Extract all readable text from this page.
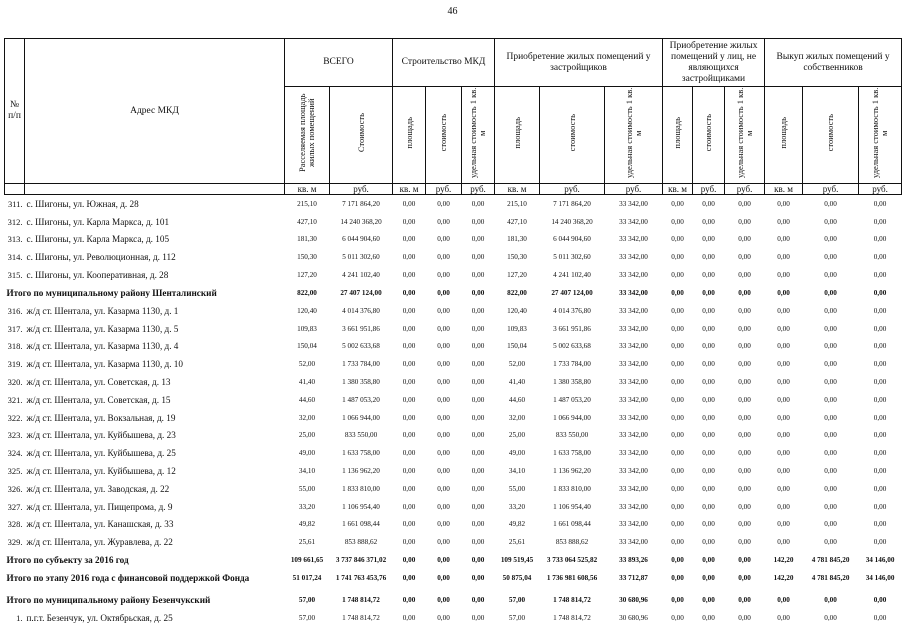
46
№ п/п	Адрес МКД	ВСЕГО		Строительство МКД			Приобретение жилых помещений у застройщиков			Приобретение жилых помещений у лиц, не являющихся застройщиками			Выкуп жилых помещений у собственников		
		Расселяемая площадь жилых помещений	Стоимость	площадь	стоимость	удельная стоимость 1 кв. м	площадь	стоимость	удельная стоимость 1 кв. м	площадь	стоимость	удельная стоимость 1 кв. м	площадь	стоимость	удельная стоимость 1 кв. м
		кв. м	руб.	кв. м	руб.	руб.	кв. м	руб.	руб.	кв. м	руб.	руб.	кв. м	руб.	руб.
311.	с. Шигоны, ул. Южная, д. 28	215,10	7 171 864,20	0,00	0,00	0,00	215,10	7 171 864,20	33 342,00	0,00	0,00	0,00	0,00	0,00	0,00
312.	с. Шигоны, ул. Карла Маркса, д. 101	427,10	14 240 368,20	0,00	0,00	0,00	427,10	14 240 368,20	33 342,00	0,00	0,00	0,00	0,00	0,00	0,00
313.	с. Шигоны, ул. Карла Маркса, д. 105	181,30	6 044 904,60	0,00	0,00	0,00	181,30	6 044 904,60	33 342,00	0,00	0,00	0,00	0,00	0,00	0,00
314.	с. Шигоны, ул. Революционная, д. 112	150,30	5 011 302,60	0,00	0,00	0,00	150,30	5 011 302,60	33 342,00	0,00	0,00	0,00	0,00	0,00	0,00
315.	с. Шигоны, ул. Кооперативная, д. 28	127,20	4 241 102,40	0,00	0,00	0,00	127,20	4 241 102,40	33 342,00	0,00	0,00	0,00	0,00	0,00	0,00
Итого по муниципальному району Шенталинский		822,00	27 407 124,00	0,00	0,00	0,00	822,00	27 407 124,00	33 342,00	0,00	0,00	0,00	0,00	0,00	0,00
316.	ж/д ст. Шентала, ул. Казарма 1130, д. 1	120,40	4 014 376,80	0,00	0,00	0,00	120,40	4 014 376,80	33 342,00	0,00	0,00	0,00	0,00	0,00	0,00
317.	ж/д ст. Шентала, ул. Казарма 1130, д. 5	109,83	3 661 951,86	0,00	0,00	0,00	109,83	3 661 951,86	33 342,00	0,00	0,00	0,00	0,00	0,00	0,00
318.	ж/д ст. Шентала, ул. Казарма 1130, д. 4	150,04	5 002 633,68	0,00	0,00	0,00	150,04	5 002 633,68	33 342,00	0,00	0,00	0,00	0,00	0,00	0,00
319.	ж/д ст. Шентала, ул. Казарма 1130, д. 10	52,00	1 733 784,00	0,00	0,00	0,00	52,00	1 733 784,00	33 342,00	0,00	0,00	0,00	0,00	0,00	0,00
320.	ж/д ст. Шентала, ул. Советская, д. 13	41,40	1 380 358,80	0,00	0,00	0,00	41,40	1 380 358,80	33 342,00	0,00	0,00	0,00	0,00	0,00	0,00
321.	ж/д ст. Шентала, ул. Советская, д. 15	44,60	1 487 053,20	0,00	0,00	0,00	44,60	1 487 053,20	33 342,00	0,00	0,00	0,00	0,00	0,00	0,00
322.	ж/д ст. Шентала, ул. Вокзальная, д. 19	32,00	1 066 944,00	0,00	0,00	0,00	32,00	1 066 944,00	33 342,00	0,00	0,00	0,00	0,00	0,00	0,00
323.	ж/д ст. Шентала, ул. Куйбышева, д. 23	25,00	833 550,00	0,00	0,00	0,00	25,00	833 550,00	33 342,00	0,00	0,00	0,00	0,00	0,00	0,00
324.	ж/д ст. Шентала, ул. Куйбышева, д. 25	49,00	1 633 758,00	0,00	0,00	0,00	49,00	1 633 758,00	33 342,00	0,00	0,00	0,00	0,00	0,00	0,00
325.	ж/д ст. Шентала, ул. Куйбышева, д. 12	34,10	1 136 962,20	0,00	0,00	0,00	34,10	1 136 962,20	33 342,00	0,00	0,00	0,00	0,00	0,00	0,00
326.	ж/д ст. Шентала, ул. Заводская, д. 22	55,00	1 833 810,00	0,00	0,00	0,00	55,00	1 833 810,00	33 342,00	0,00	0,00	0,00	0,00	0,00	0,00
327.	ж/д ст. Шентала, ул. Пищепрома, д. 9	33,20	1 106 954,40	0,00	0,00	0,00	33,20	1 106 954,40	33 342,00	0,00	0,00	0,00	0,00	0,00	0,00
328.	ж/д ст. Шентала, ул. Канашская, д. 33	49,82	1 661 098,44	0,00	0,00	0,00	49,82	1 661 098,44	33 342,00	0,00	0,00	0,00	0,00	0,00	0,00
329.	ж/д ст. Шентала, ул. Журавлева, д. 22	25,61	853 888,62	0,00	0,00	0,00	25,61	853 888,62	33 342,00	0,00	0,00	0,00	0,00	0,00	0,00
Итого по субъекту за 2016 год		109 661,65	3 737 846 371,02	0,00	0,00	0,00	109 519,45	3 733 064 525,82	33 893,26	0,00	0,00	0,00	142,20	4 781 845,20	34 146,00
Итого по этапу 2016 года с финансовой поддержкой Фонда		51 017,24	1 741 763 453,76	0,00	0,00	0,00	50 875,04	1 736 981 608,56	33 712,87	0,00	0,00	0,00	142,20	4 781 845,20	34 146,00

Итого по муниципальному району Безенчукский		57,00	1 748 814,72	0,00	0,00	0,00	57,00	1 748 814,72	30 680,96	0,00	0,00	0,00	0,00	0,00	0,00
1.	п.г.т. Безенчук, ул. Октябрьская, д. 25	57,00	1 748 814,72	0,00	0,00	0,00	57,00	1 748 814,72	30 680,96	0,00	0,00	0,00	0,00	0,00	0,00
